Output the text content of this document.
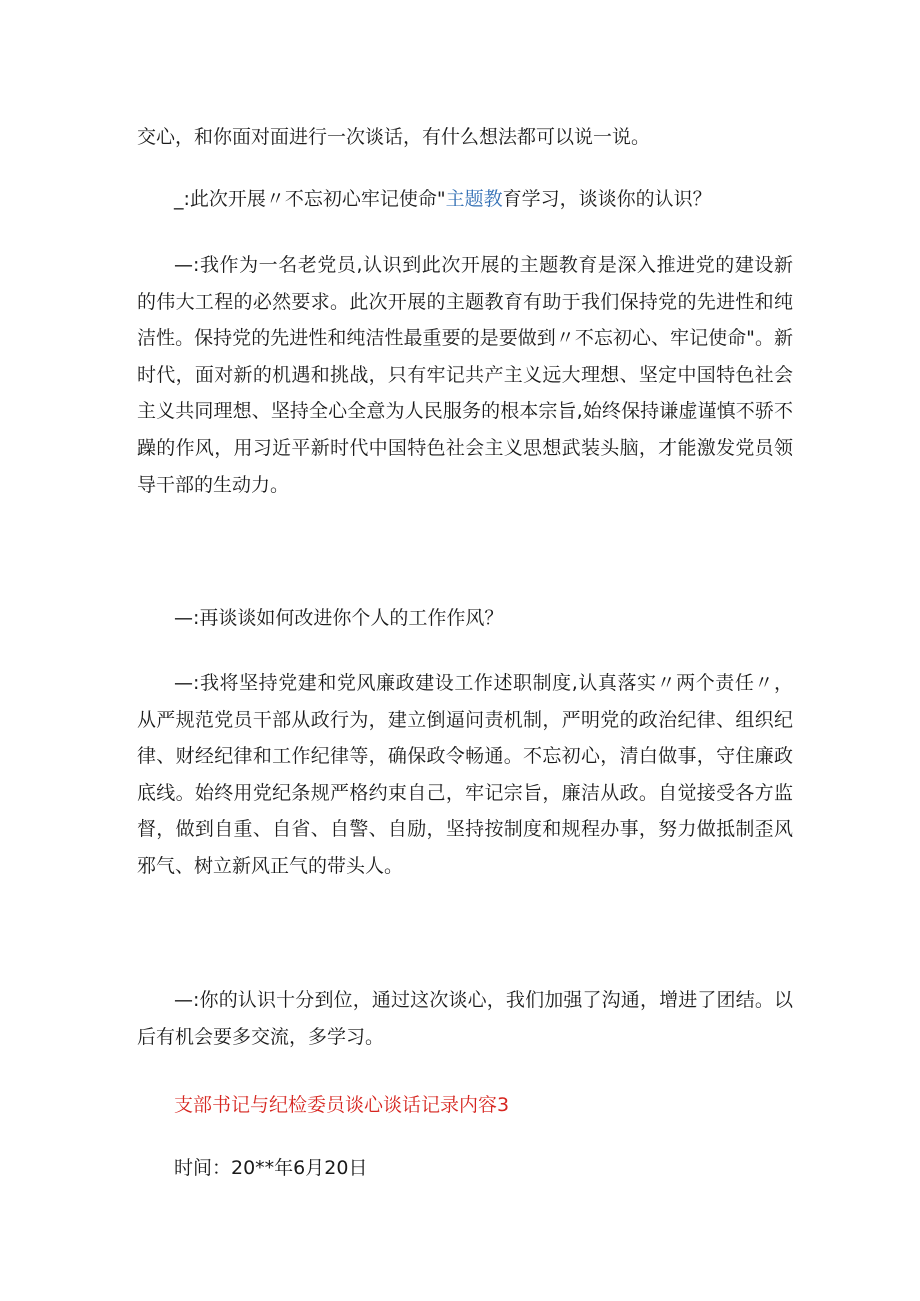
交心，和你面对面进行一次谈话，有什么想法都可以说一说。

_:此次开展〃不忘初心牢记使命"主题教育学习，谈谈你的认识？

—:我作为一名老党员,认识到此次开展的主题教育是深入推进党的建设新的伟大工程的必然要求。此次开展的主题教育有助于我们保持党的先进性和纯洁性。保持党的先进性和纯洁性最重要的是要做到〃不忘初心、牢记使命"。新时代，面对新的机遇和挑战，只有牢记共产主义远大理想、坚定中国特色社会主义共同理想、坚持全心全意为人民服务的根本宗旨,始终保持谦虚谨慎不骄不躁的作风，用习近平新时代中国特色社会主义思想武装头脑，才能激发党员领导干部的生动力。

—:再谈谈如何改进你个人的工作作风？

—:我将坚持党建和党风廉政建设工作述职制度,认真落实〃两个责任〃，从严规范党员干部从政行为，建立倒逼问责机制，严明党的政治纪律、组织纪律、财经纪律和工作纪律等，确保政令畅通。不忘初心，清白做事，守住廉政底线。始终用党纪条规严格约束自己，牢记宗旨，廉洁从政。自觉接受各方监督，做到自重、自省、自警、自励，坚持按制度和规程办事，努力做抵制歪风邪气、树立新风正气的带头人。

—:你的认识十分到位，通过这次谈心，我们加强了沟通，增进了团结。以后有机会要多交流，多学习。

支部书记与纪检委员谈心谈话记录内容3

时间：20**年6月20日
